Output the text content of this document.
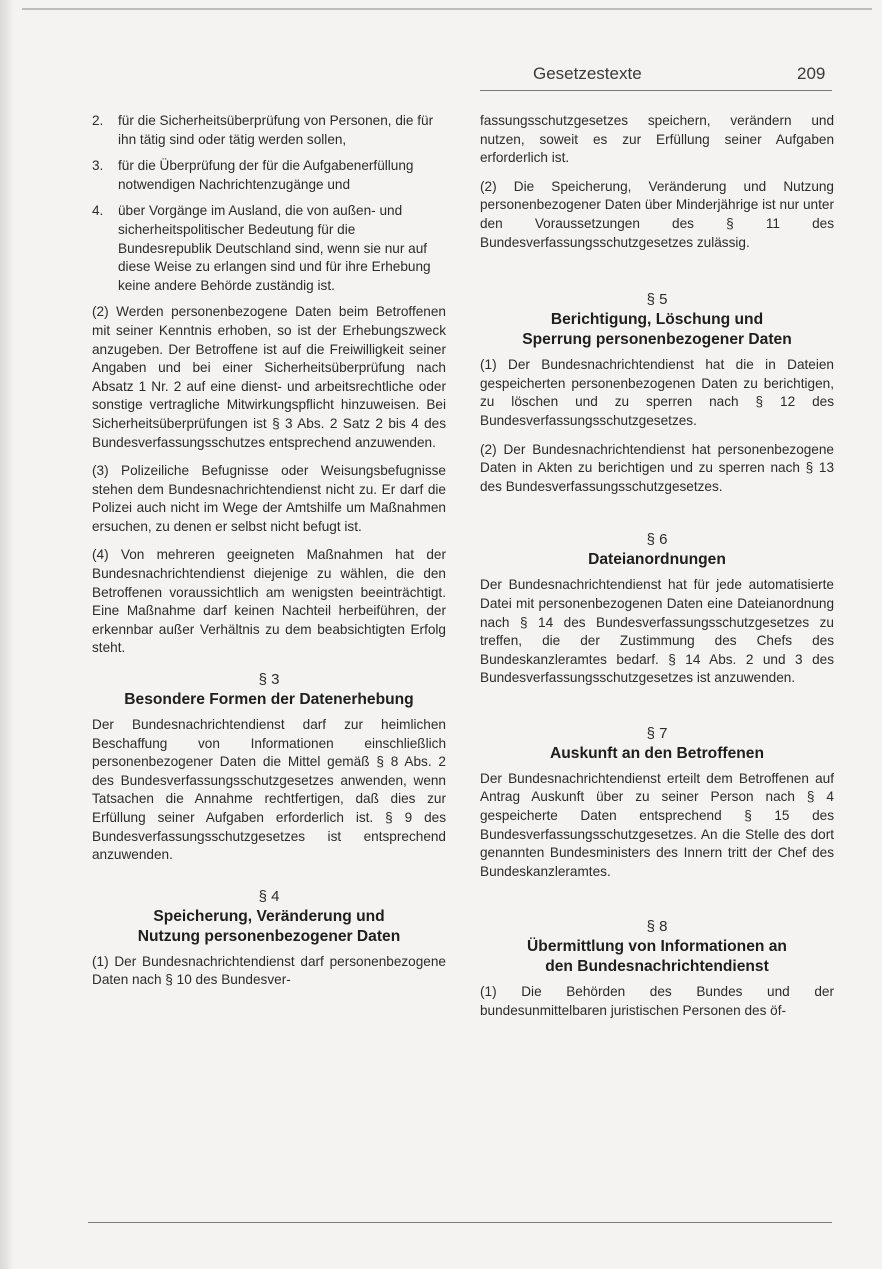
Gesetzestexte	209
2.	für die Sicherheitsüberprüfung von Personen, die für ihn tätig sind oder tätig werden sollen,
3.	für die Überprüfung der für die Aufgabenerfüllung notwendigen Nachrichtenzugänge und
4.	über Vorgänge im Ausland, die von außen- und sicherheitspolitischer Bedeutung für die Bundesrepublik Deutschland sind, wenn sie nur auf diese Weise zu erlangen sind und für ihre Erhebung keine andere Behörde zuständig ist.

(2) Werden personenbezogene Daten beim Betroffenen mit seiner Kenntnis erhoben, so ist der Erhebungszweck anzugeben. Der Betroffene ist auf die Freiwilligkeit seiner Angaben und bei einer Sicherheitsüberprüfung nach Absatz 1 Nr. 2 auf eine dienst- und arbeitsrechtliche oder sonstige vertragliche Mitwirkungspflicht hinzuweisen. Bei Sicherheitsüberprüfungen ist § 3 Abs. 2 Satz 2 bis 4 des Bundesverfassungsschutzes entsprechend anzuwenden.

(3) Polizeiliche Befugnisse oder Weisungsbefugnisse stehen dem Bundesnachrichtendienst nicht zu. Er darf die Polizei auch nicht im Wege der Amtshilfe um Maßnahmen ersuchen, zu denen er selbst nicht befugt ist.

(4) Von mehreren geeigneten Maßnahmen hat der Bundesnachrichtendienst diejenige zu wählen, die den Betroffenen voraussichtlich am wenigsten beeinträchtigt. Eine Maßnahme darf keinen Nachteil herbeiführen, der erkennbar außer Verhältnis zu dem beabsichtigten Erfolg steht.

§ 3
Besondere Formen der Datenerhebung

Der Bundesnachrichtendienst darf zur heimlichen Beschaffung von Informationen einschließlich personenbezogener Daten die Mittel gemäß § 8 Abs. 2 des Bundesverfassungsschutzgesetzes anwenden, wenn Tatsachen die Annahme rechtfertigen, daß dies zur Erfüllung seiner Aufgaben erforderlich ist. § 9 des Bundesverfassungsschutzgesetzes ist entsprechend anzuwenden.

§ 4
Speicherung, Veränderung und
Nutzung personenbezogener Daten

(1) Der Bundesnachrichtendienst darf personenbezogene Daten nach § 10 des Bundesver-

fassungsschutzgesetzes speichern, verändern und nutzen, soweit es zur Erfüllung seiner Aufgaben erforderlich ist.

(2) Die Speicherung, Veränderung und Nutzung personenbezogener Daten über Minderjährige ist nur unter den Voraussetzungen des § 11 des Bundesverfassungsschutzgesetzes zulässig.

§ 5
Berichtigung, Löschung und
Sperrung personenbezogener Daten

(1) Der Bundesnachrichtendienst hat die in Dateien gespeicherten personenbezogenen Daten zu berichtigen, zu löschen und zu sperren nach § 12 des Bundesverfassungsschutzgesetzes.

(2) Der Bundesnachrichtendienst hat personenbezogene Daten in Akten zu berichtigen und zu sperren nach § 13 des Bundesverfassungsschutzgesetzes.

§ 6
Dateianordnungen

Der Bundesnachrichtendienst hat für jede automatisierte Datei mit personenbezogenen Daten eine Dateianordnung nach § 14 des Bundesverfassungsschutzgesetzes zu treffen, die der Zustimmung des Chefs des Bundeskanzleramtes bedarf. § 14 Abs. 2 und 3 des Bundesverfassungsschutzgesetzes ist anzuwenden.

§ 7
Auskunft an den Betroffenen

Der Bundesnachrichtendienst erteilt dem Betroffenen auf Antrag Auskunft über zu seiner Person nach § 4 gespeicherte Daten entsprechend § 15 des Bundesverfassungsschutzgesetzes. An die Stelle des dort genannten Bundesministers des Innern tritt der Chef des Bundeskanzleramtes.

§ 8
Übermittlung von Informationen an
den Bundesnachrichtendienst

(1) Die Behörden des Bundes und der bundesunmittelbaren juristischen Personen des öf-
